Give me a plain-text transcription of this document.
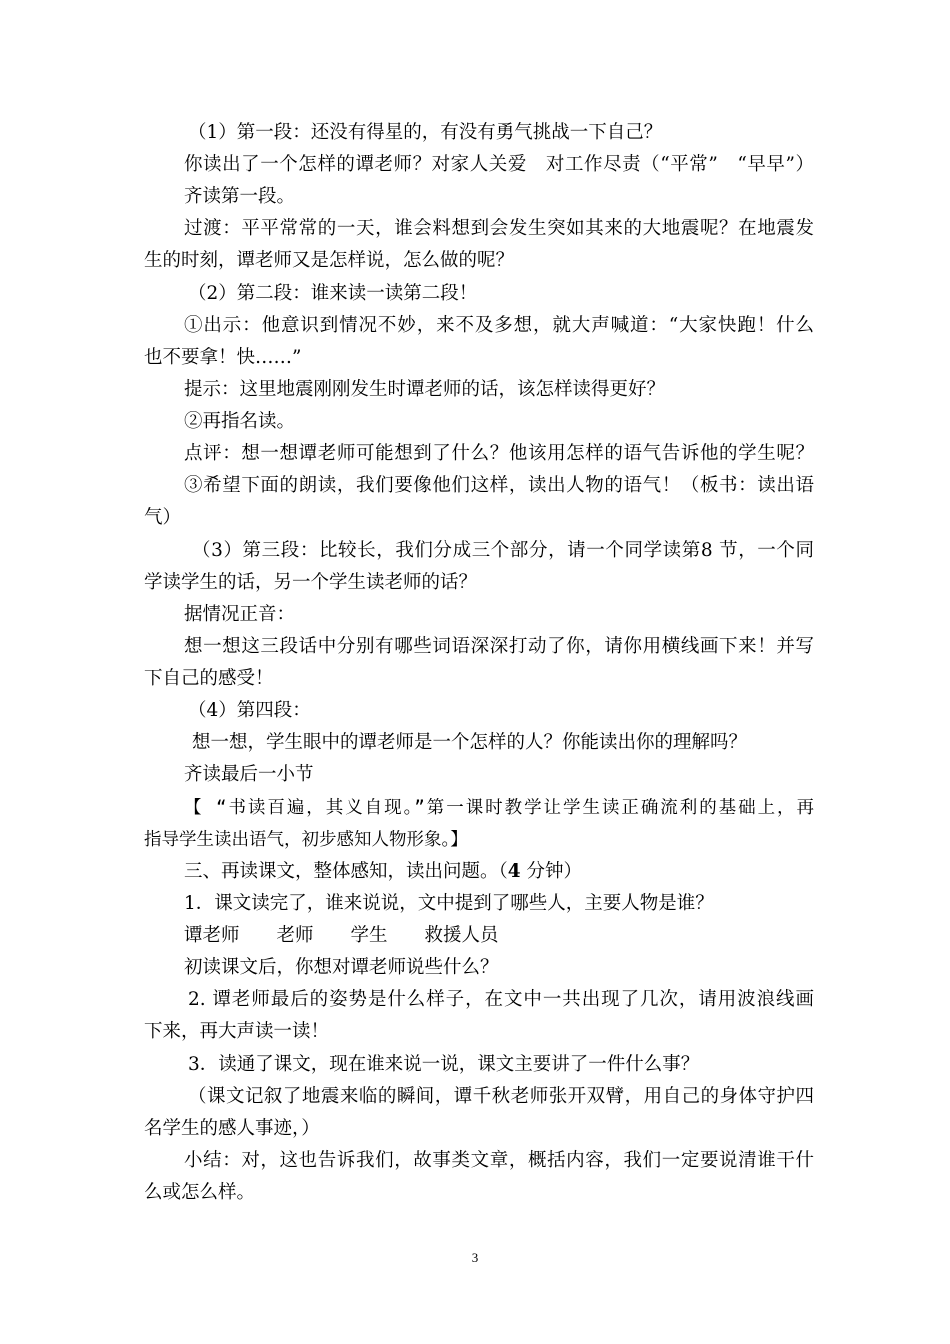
（1）第一段：还没有得星的，有没有勇气挑战一下自己？
你读出了一个怎样的谭老师？对家人关爱　对工作尽责（“平常”　“早早”）
齐读第一段。
过渡：平平常常的一天，谁会料想到会发生突如其来的大地震呢？在地震发
生的时刻，谭老师又是怎样说，怎么做的呢？
（2）第二段：谁来读一读第二段！
①出示：他意识到情况不妙，来不及多想，就大声喊道：“大家快跑！什么
也不要拿！快……”
提示：这里地震刚刚发生时谭老师的话，该怎样读得更好？
②再指名读。
点评：想一想谭老师可能想到了什么？他该用怎样的语气告诉他的学生呢？
③希望下面的朗读，我们要像他们这样，读出人物的语气！（板书：读出语
气）
（3）第三段：比较长，我们分成三个部分，请一个同学读第8 节，一个同
学读学生的话，另一个学生读老师的话？
据情况正音：
想一想这三段话中分别有哪些词语深深打动了你，请你用横线画下来！并写
下自己的感受！
（4）第四段：
想一想，学生眼中的谭老师是一个怎样的人？你能读出你的理解吗？
齐读最后一小节
【 “书读百遍，其义自现。”第一课时教学让学生读正确流利的基础上，再
指导学生读出语气，初步感知人物形象。】
三、再读课文，整体感知，读出问题。（4 分钟）
1．课文读完了，谁来说说，文中提到了哪些人，主要人物是谁？
谭老师　　老师　　学生　　救援人员
初读课文后，你想对谭老师说些什么？
2. 谭老师最后的姿势是什么样子，在文中一共出现了几次，请用波浪线画
下来，再大声读一读！
3．读通了课文，现在谁来说一说，课文主要讲了一件什么事？
（课文记叙了地震来临的瞬间，谭千秋老师张开双臂，用自己的身体守护四
名学生的感人事迹，）
小结：对，这也告诉我们，故事类文章，概括内容，我们一定要说清谁干什
么或怎么样。
3
